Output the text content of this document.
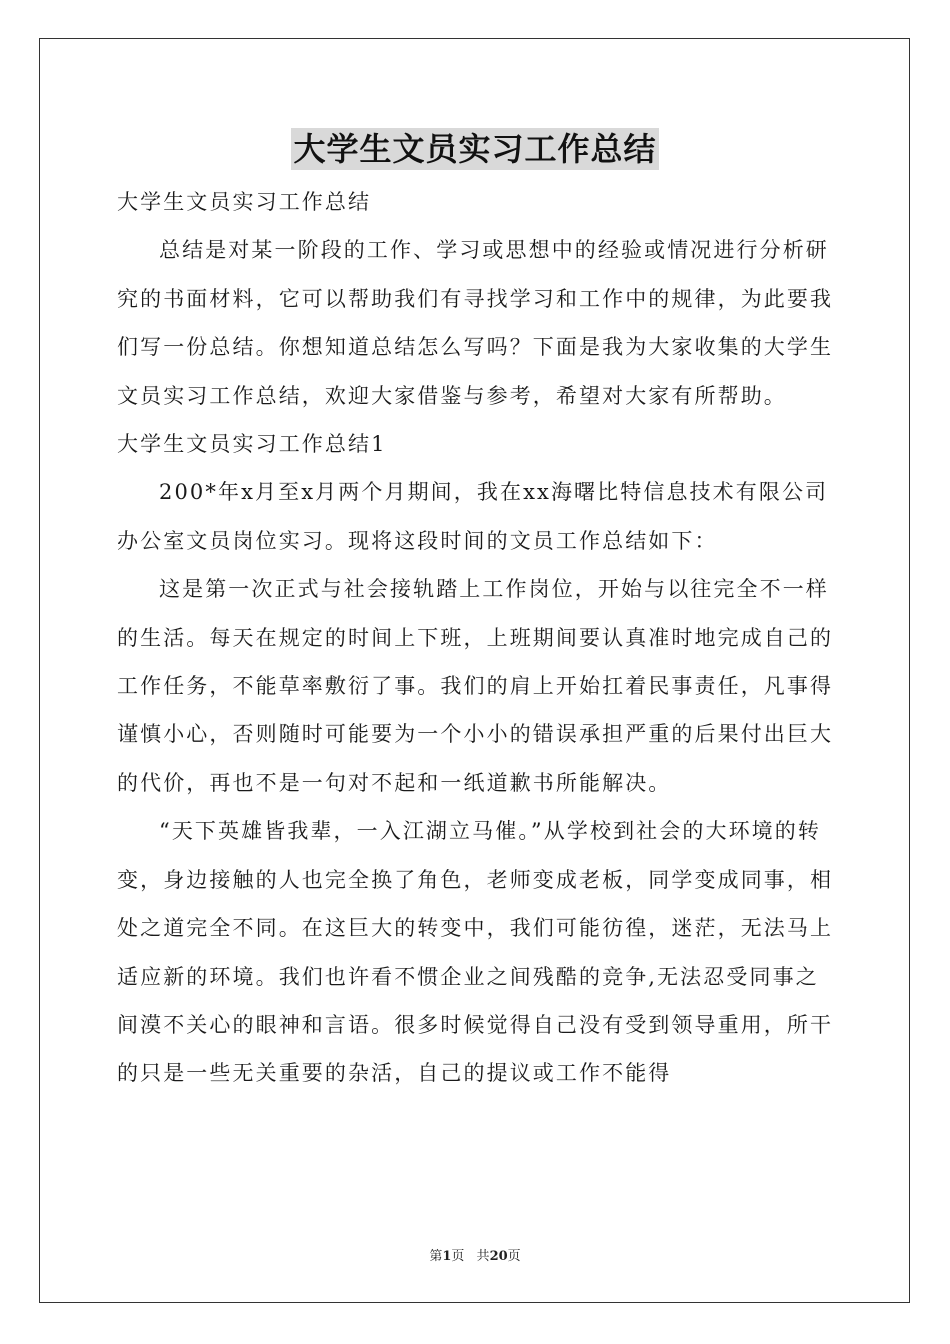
大学生文员实习工作总结

大学生文员实习工作总结

总结是对某一阶段的工作、学习或思想中的经验或情况进行分析研究的书面材料，它可以帮助我们有寻找学习和工作中的规律，为此要我们写一份总结。你想知道总结怎么写吗？下面是我为大家收集的大学生文员实习工作总结，欢迎大家借鉴与参考，希望对大家有所帮助。

大学生文员实习工作总结1

200*年x月至x月两个月期间，我在xx海曙比特信息技术有限公司办公室文员岗位实习。现将这段时间的文员工作总结如下：

这是第一次正式与社会接轨踏上工作岗位，开始与以往完全不一样的生活。每天在规定的时间上下班，上班期间要认真准时地完成自己的工作任务，不能草率敷衍了事。我们的肩上开始扛着民事责任，凡事得谨慎小心，否则随时可能要为一个小小的错误承担严重的后果付出巨大的代价，再也不是一句对不起和一纸道歉书所能解决。

“天下英雄皆我辈，一入江湖立马催。”从学校到社会的大环境的转变，身边接触的人也完全换了角色，老师变成老板，同学变成同事，相处之道完全不同。在这巨大的转变中，我们可能彷徨，迷茫，无法马上适应新的环境。我们也许看不惯企业之间残酷的竞争,无法忍受同事之间漠不关心的眼神和言语。很多时候觉得自己没有受到领导重用，所干的只是一些无关重要的杂活，自己的提议或工作不能得

第1页 共20页
